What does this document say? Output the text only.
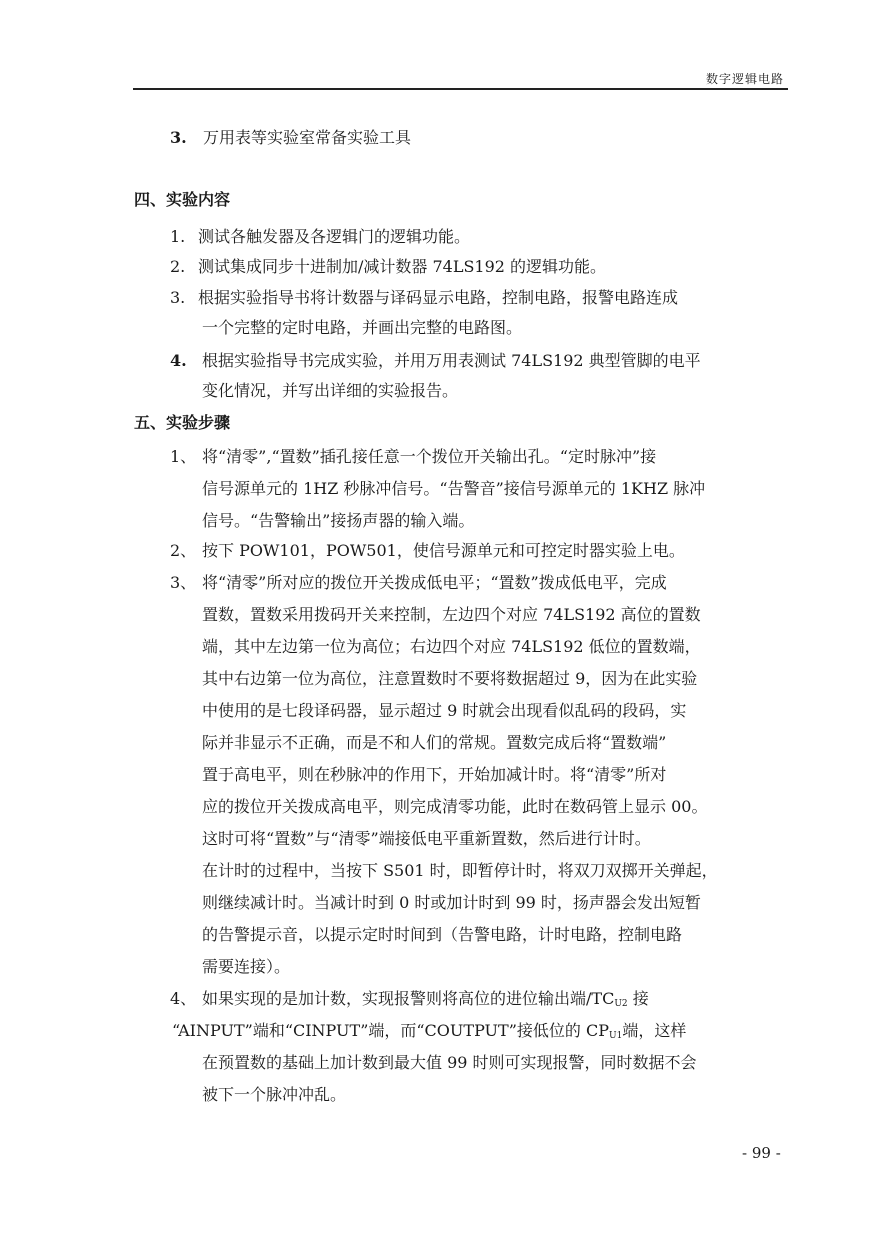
数字逻辑电路
3. 万用表等实验室常备实验工具
四、实验内容
1. 测试各触发器及各逻辑门的逻辑功能。
2. 测试集成同步十进制加/减计数器 74LS192 的逻辑功能。
3. 根据实验指导书将计数器与译码显示电路，控制电路，报警电路连成
一个完整的定时电路，并画出完整的电路图。
4. 根据实验指导书完成实验，并用万用表测试 74LS192 典型管脚的电平
变化情况，并写出详细的实验报告。
五、实验步骤
1、 将“清零”,“置数”插孔接任意一个拨位开关输出孔。“定时脉冲”接
信号源单元的 1HZ 秒脉冲信号。“告警音”接信号源单元的 1KHZ 脉冲
信号。“告警输出”接扬声器的输入端。
2、 按下 POW101，POW501，使信号源单元和可控定时器实验上电。
3、 将“清零”所对应的拨位开关拨成低电平；“置数”拨成低电平，完成
置数，置数采用拨码开关来控制，左边四个对应 74LS192 高位的置数
端，其中左边第一位为高位；右边四个对应 74LS192 低位的置数端，
其中右边第一位为高位，注意置数时不要将数据超过 9，因为在此实验
中使用的是七段译码器，显示超过 9 时就会出现看似乱码的段码，实
际并非显示不正确，而是不和人们的常规。置数完成后将“置数端”
置于高电平，则在秒脉冲的作用下，开始加减计时。将“清零”所对
应的拨位开关拨成高电平，则完成清零功能，此时在数码管上显示 00。
这时可将“置数”与“清零”端接低电平重新置数，然后进行计时。
在计时的过程中，当按下 S501 时，即暂停计时，将双刀双掷开关弹起，
则继续减计时。当减计时到 0 时或加计时到 99 时，扬声器会发出短暂
的告警提示音，以提示定时时间到（告警电路，计时电路，控制电路
需要连接）。
4、 如果实现的是加计数，实现报警则将高位的进位输出端$/TC_{U2}$ 接
“AINPUT”端和“CINPUT”端，而“COUTPUT”接低位的 $CP_{U1}$端，这样
在预置数的基础上加计数到最大值 99 时则可实现报警，同时数据不会
被下一个脉冲冲乱。
- 99 -
